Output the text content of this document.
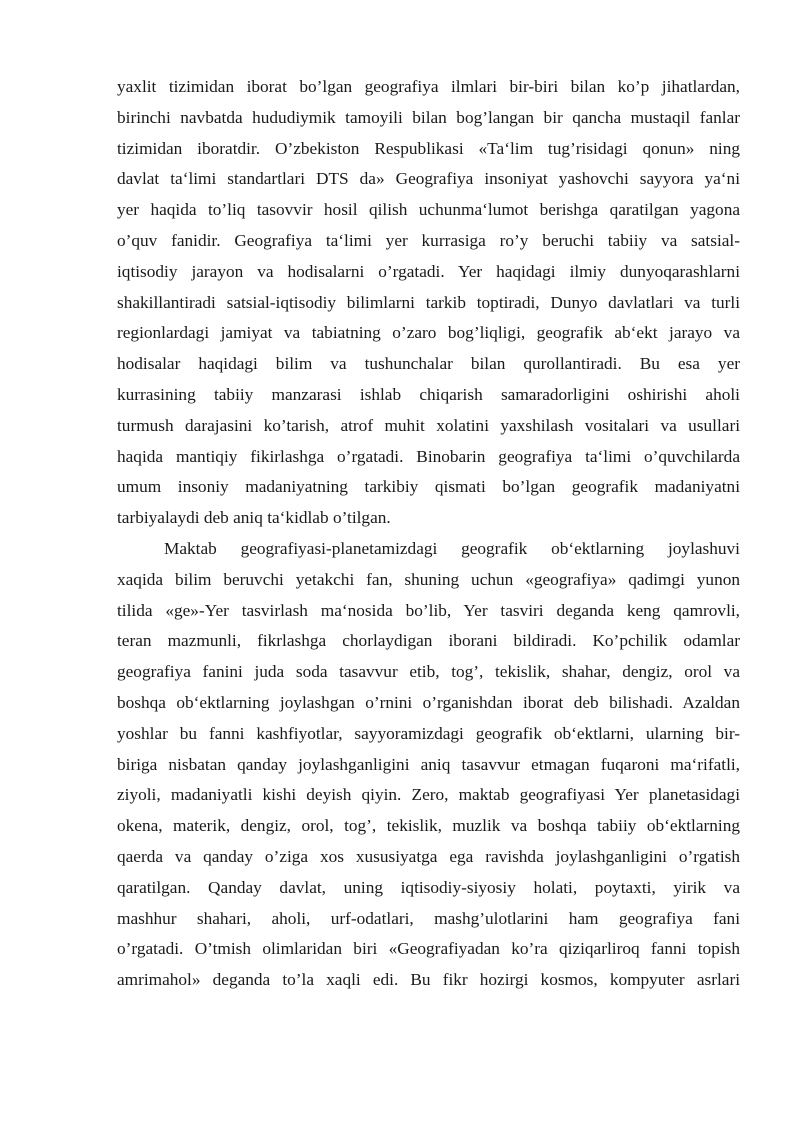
yaxlit tizimidan iborat bo’lgan geografiya ilmlari bir-biri bilan ko’p jihatlardan,
birinchi navbatda hududiymik tamoyili bilan bog’langan bir qancha mustaqil fanlar
tizimidan iboratdir. O’zbekiston Respublikasi «Ta‘lim tug’risidagi qonun» ning
davlat ta‘limi standartlari DTS da» Geografiya insoniyat yashovchi sayyora ya‘ni
yer haqida to’liq tasovvir hosil qilish uchunma‘lumot berishga qaratilgan yagona
o’quv fanidir. Geografiya ta‘limi yer kurrasiga ro’y beruchi tabiiy va satsial-
iqtisodiy jarayon va hodisalarni o’rgatadi. Yer haqidagi ilmiy dunyoqarashlarni
shakillantiradi satsial-iqtisodiy bilimlarni tarkib toptiradi, Dunyo davlatlari va turli
regionlardagi jamiyat va tabiatning o’zaro bog’liqligi, geografik ab‘ekt jarayo va
hodisalar haqidagi bilim va tushunchalar bilan qurollantiradi. Bu esa yer
kurrasining tabiiy manzarasi ishlab chiqarish samaradorligini oshirishi aholi
turmush darajasini ko’tarish, atrof muhit xolatini yaxshilash vositalari va usullari
haqida mantiqiy fikirlashga o’rgatadi. Binobarin geografiya ta‘limi o’quvchilarda
umum insoniy madaniyatning tarkibiy qismati bo’lgan geografik madaniyatni
tarbiyalaydi deb aniq ta‘kidlab o’tilgan.
Maktab geografiyasi-planetamizdagi geografik ob‘ektlarning joylashuvi
xaqida bilim beruvchi yetakchi fan, shuning uchun «geografiya» qadimgi yunon
tilida «ge»-Yer tasvirlash ma‘nosida bo’lib, Yer tasviri deganda keng qamrovli,
teran mazmunli, fikrlashga chorlaydigan iborani bildiradi. Ko’pchilik odamlar
geografiya fanini juda soda tasavvur etib, tog’, tekislik, shahar, dengiz, orol va
boshqa ob‘ektlarning joylashgan o’rnini o’rganishdan iborat deb bilishadi. Azaldan
yoshlar bu fanni kashfiyotlar, sayyoramizdagi geografik ob‘ektlarni, ularning bir-
biriga nisbatan qanday joylashganligini aniq tasavvur etmagan fuqaroni ma‘rifatli,
ziyoli, madaniyatli kishi deyish qiyin. Zero, maktab geografiyasi Yer planetasidagi
okena, materik, dengiz, orol, tog’, tekislik, muzlik va boshqa tabiiy ob‘ektlarning
qaerda va qanday o’ziga xos xususiyatga ega ravishda joylashganligini o’rgatish
qaratilgan. Qanday davlat, uning iqtisodiy-siyosiy holati, poytaxti, yirik va
mashhur shahari, aholi, urf-odatlari, mashg’ulotlarini ham geografiya fani
o’rgatadi. O’tmish olimlaridan biri «Geografiyadan ko’ra qiziqarliroq fanni topish
amrimahol» deganda to’la xaqli edi. Bu fikr hozirgi kosmos, kompyuter asrlari
